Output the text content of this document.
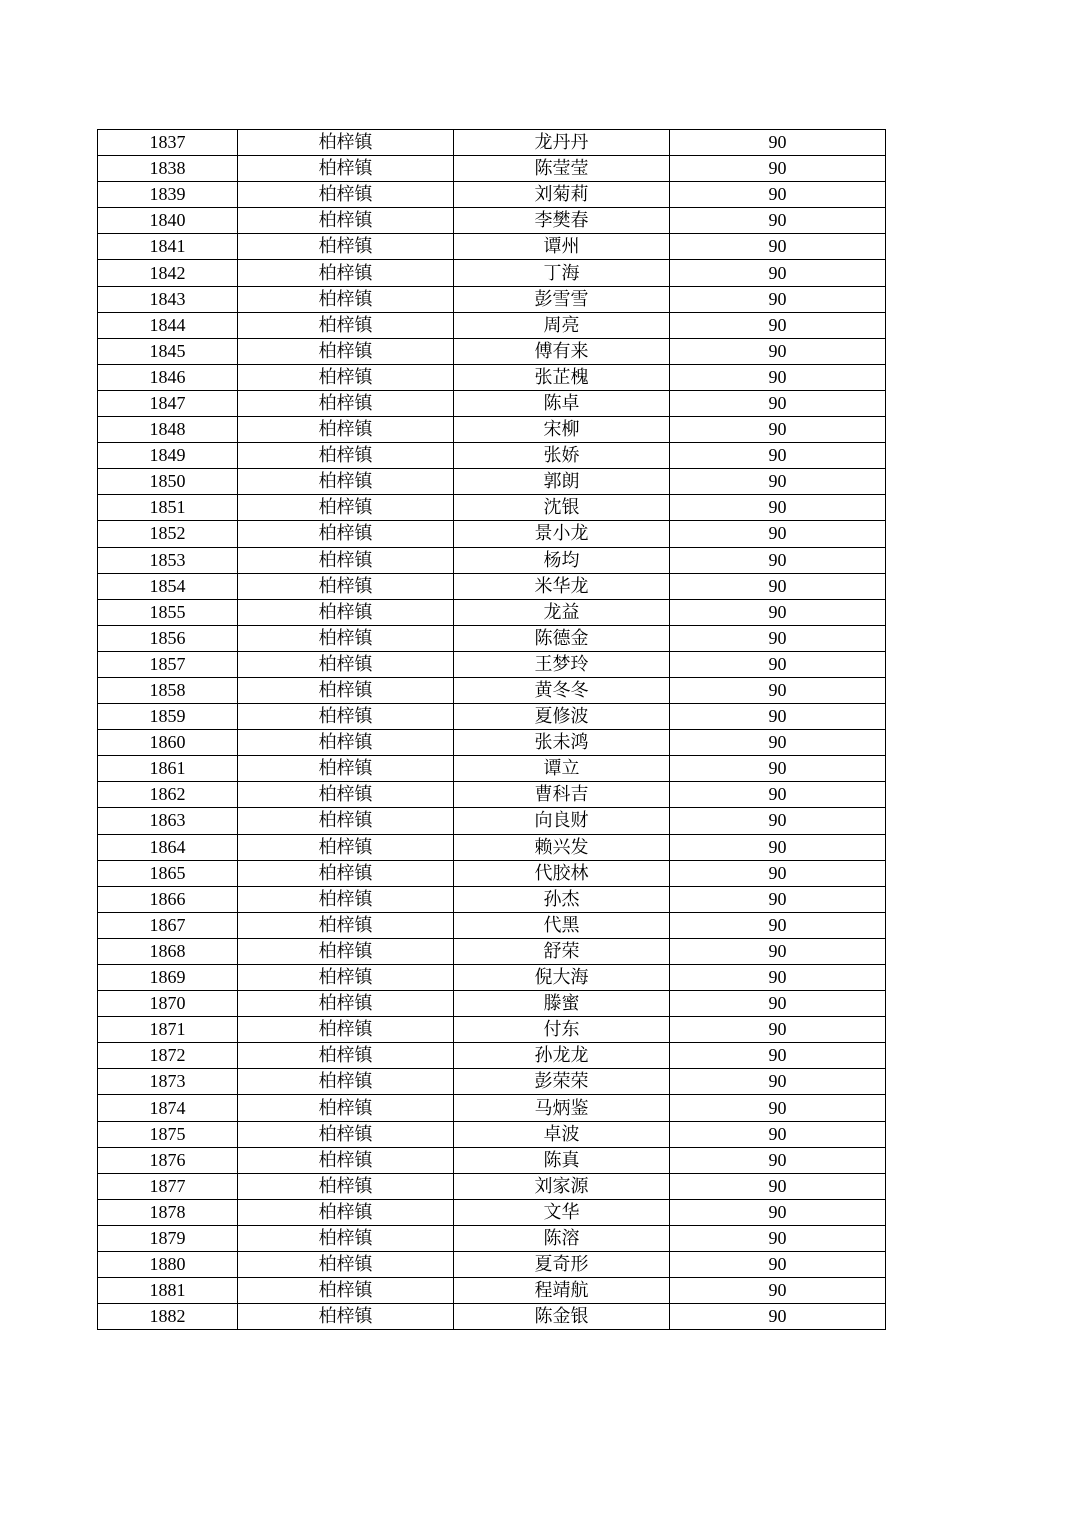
1837	柏梓镇	龙丹丹	90
1838	柏梓镇	陈莹莹	90
1839	柏梓镇	刘菊莉	90
1840	柏梓镇	李樊春	90
1841	柏梓镇	谭州	90
1842	柏梓镇	丁海	90
1843	柏梓镇	彭雪雪	90
1844	柏梓镇	周亮	90
1845	柏梓镇	傅有来	90
1846	柏梓镇	张芷槐	90
1847	柏梓镇	陈卓	90
1848	柏梓镇	宋柳	90
1849	柏梓镇	张娇	90
1850	柏梓镇	郭朗	90
1851	柏梓镇	沈银	90
1852	柏梓镇	景小龙	90
1853	柏梓镇	杨均	90
1854	柏梓镇	米华龙	90
1855	柏梓镇	龙益	90
1856	柏梓镇	陈德金	90
1857	柏梓镇	王梦玲	90
1858	柏梓镇	黄冬冬	90
1859	柏梓镇	夏修波	90
1860	柏梓镇	张未鸿	90
1861	柏梓镇	谭立	90
1862	柏梓镇	曹科吉	90
1863	柏梓镇	向良财	90
1864	柏梓镇	赖兴发	90
1865	柏梓镇	代胶林	90
1866	柏梓镇	孙杰	90
1867	柏梓镇	代黑	90
1868	柏梓镇	舒荣	90
1869	柏梓镇	倪大海	90
1870	柏梓镇	滕蜜	90
1871	柏梓镇	付东	90
1872	柏梓镇	孙龙龙	90
1873	柏梓镇	彭荣荣	90
1874	柏梓镇	马炳鉴	90
1875	柏梓镇	卓波	90
1876	柏梓镇	陈真	90
1877	柏梓镇	刘家源	90
1878	柏梓镇	文华	90
1879	柏梓镇	陈溶	90
1880	柏梓镇	夏奇形	90
1881	柏梓镇	程靖航	90
1882	柏梓镇	陈金银	90
